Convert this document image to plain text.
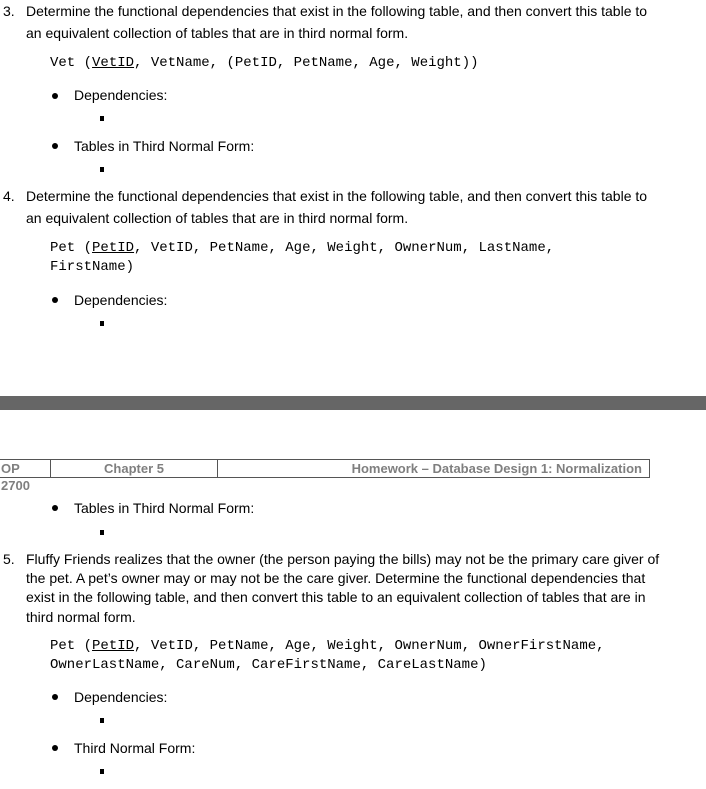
3. Determine the functional dependencies that exist in the following table, and then convert this table to
an equivalent collection of tables that are in third normal form.
Vet (VetID, VetName, (PetID, PetName, Age, Weight))
Dependencies:
Tables in Third Normal Form:
4. Determine the functional dependencies that exist in the following table, and then convert this table to
an equivalent collection of tables that are in third normal form.
Pet (PetID, VetID, PetName, Age, Weight, OwnerNum, LastName,
FirstName)
Dependencies:
OP 2700
Chapter 5	Homework – Database Design 1: Normalization
Tables in Third Normal Form:
5. Fluffy Friends realizes that the owner (the person paying the bills) may not be the primary care giver of
the pet. A pet’s owner may or may not be the care giver. Determine the functional dependencies that
exist in the following table, and then convert this table to an equivalent collection of tables that are in
third normal form.
Pet (PetID, VetID, PetName, Age, Weight, OwnerNum, OwnerFirstName,
OwnerLastName, CareNum, CareFirstName, CareLastName)
Dependencies:
Third Normal Form:
